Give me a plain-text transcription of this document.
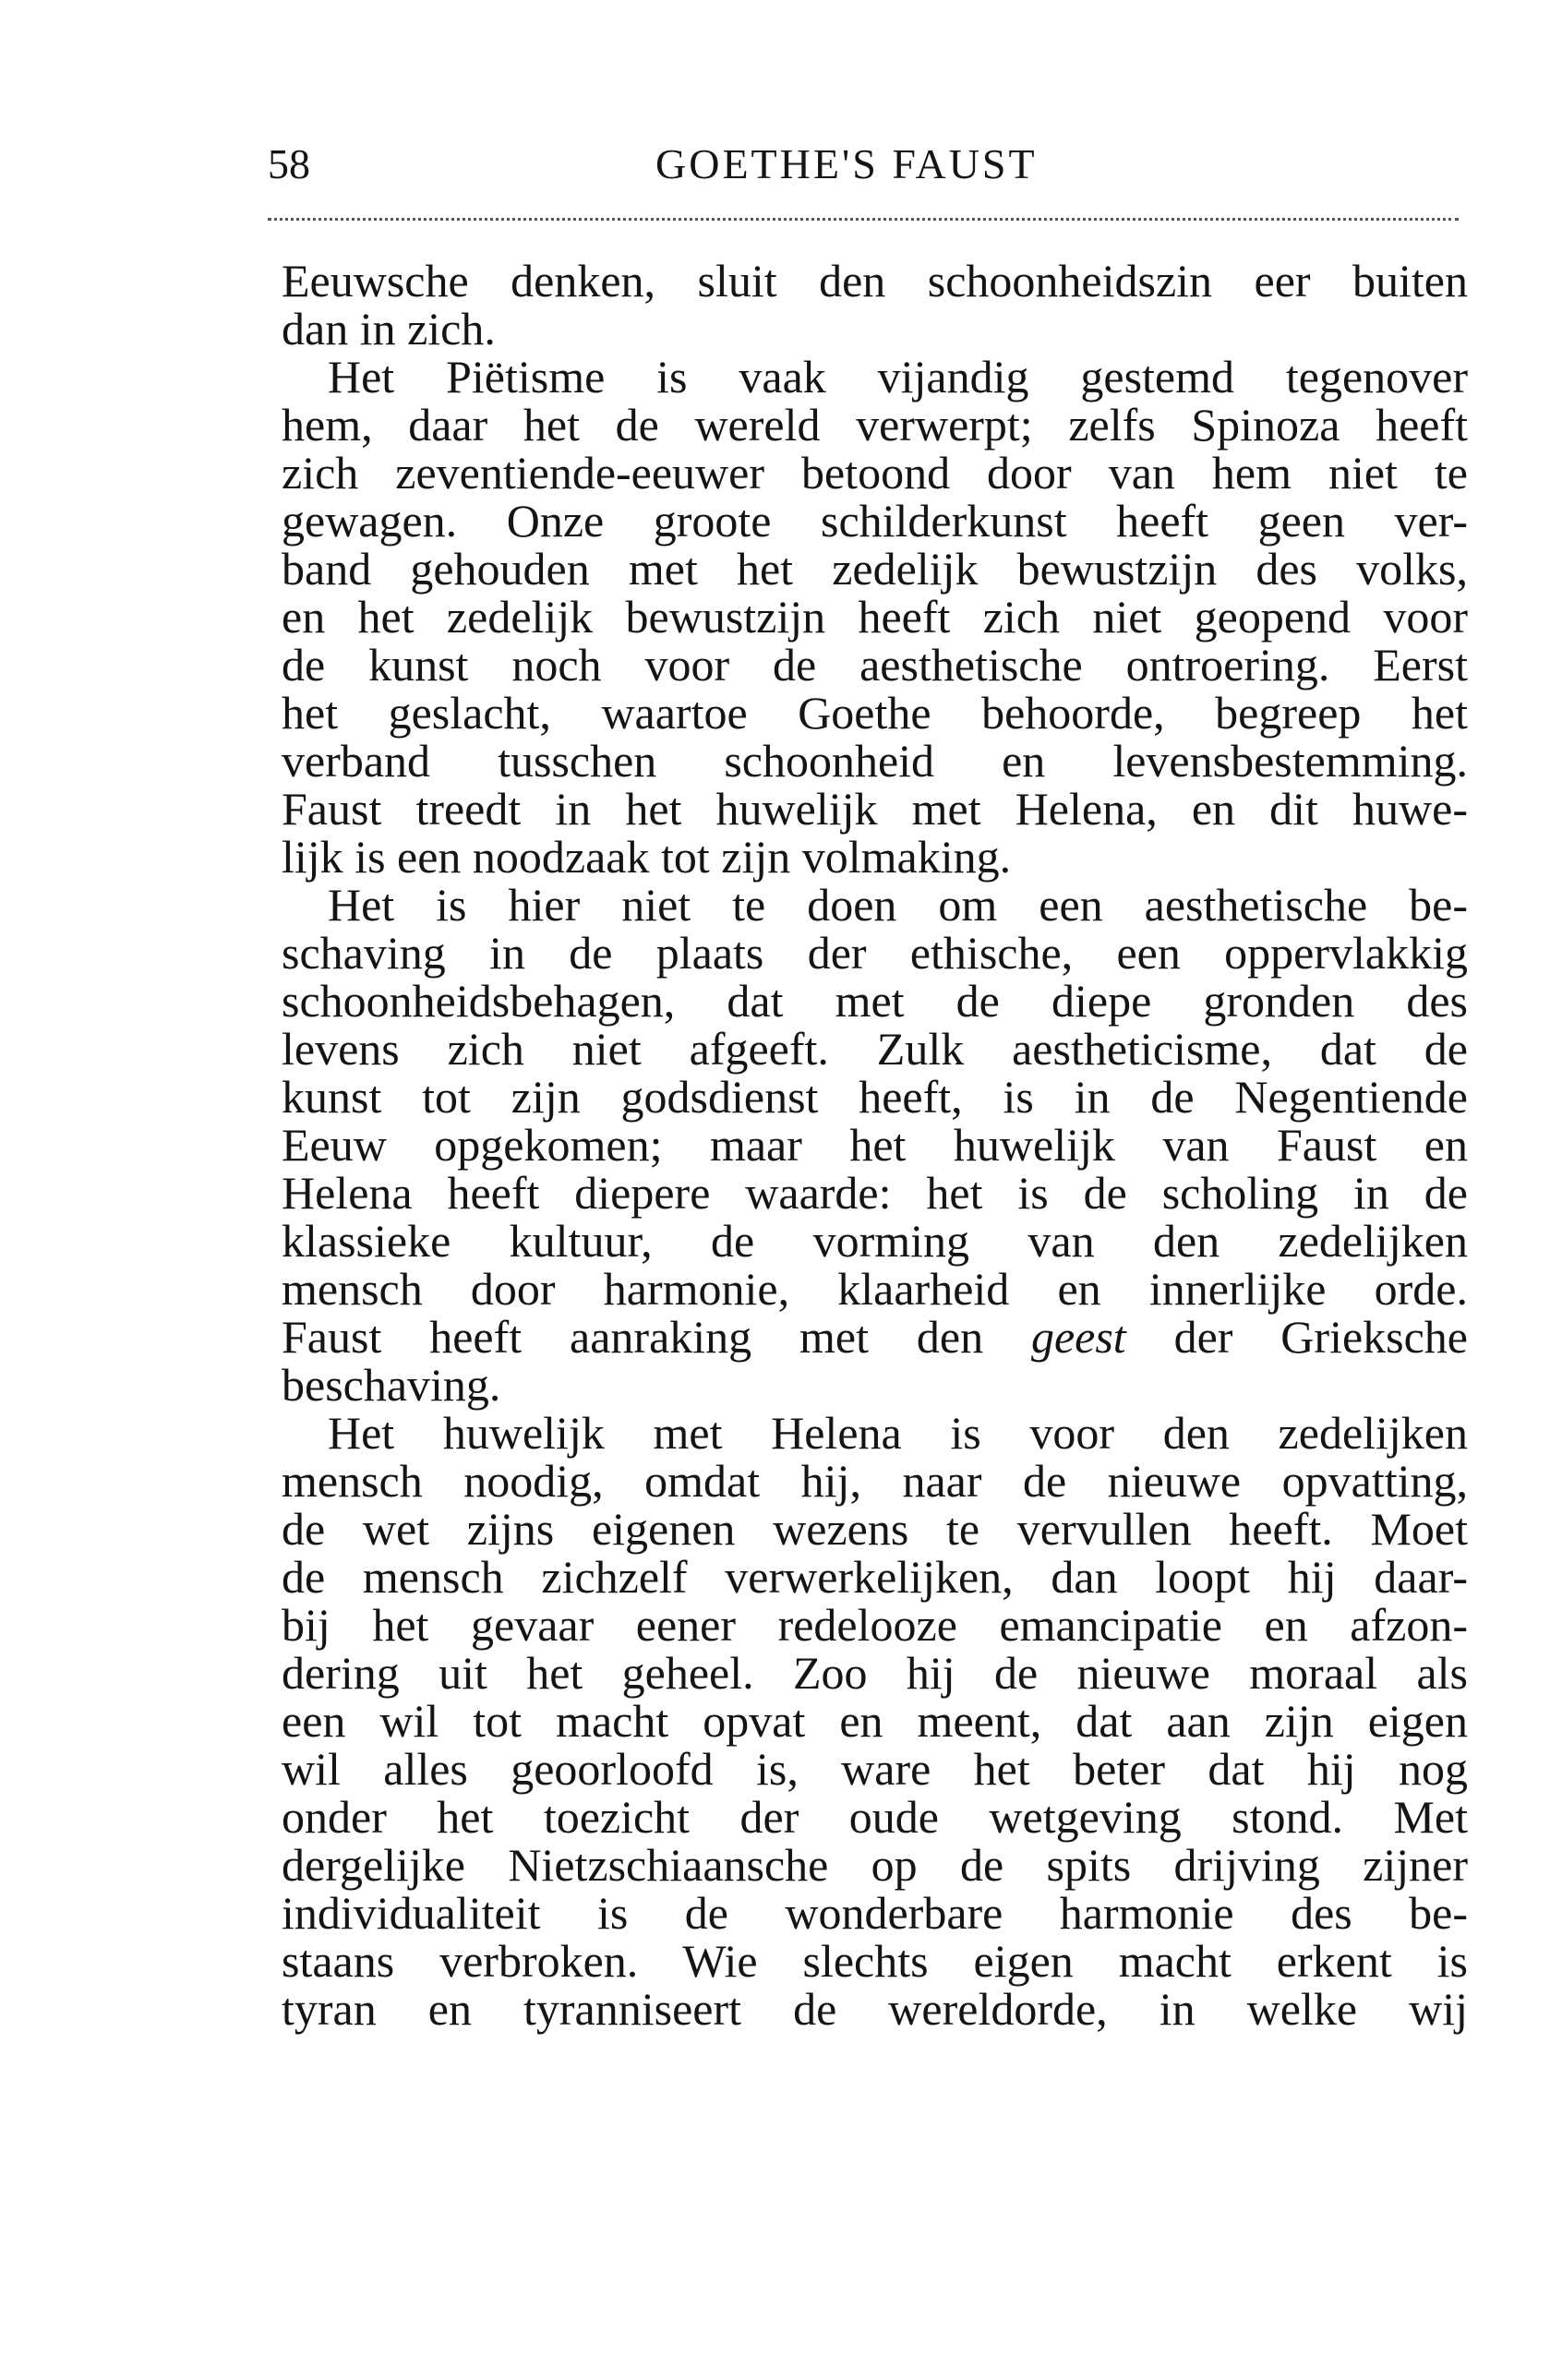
58	GOETHE'S FAUST
Eeuwsche denken, sluit den schoonheidszin eer buiten
dan in zich.
Het Piëtisme is vaak vijandig gestemd tegenover
hem, daar het de wereld verwerpt; zelfs Spinoza heeft
zich zeventiende-eeuwer betoond door van hem niet te
gewagen. Onze groote schilderkunst heeft geen ver-
band gehouden met het zedelijk bewustzijn des volks,
en het zedelijk bewustzijn heeft zich niet geopend voor
de kunst noch voor de aesthetische ontroering. Eerst
het geslacht, waartoe Goethe behoorde, begreep het
verband tusschen schoonheid en levensbestemming.
Faust treedt in het huwelijk met Helena, en dit huwe-
lijk is een noodzaak tot zijn volmaking.
Het is hier niet te doen om een aesthetische be-
schaving in de plaats der ethische, een oppervlakkig
schoonheidsbehagen, dat met de diepe gronden des
levens zich niet afgeeft. Zulk aestheticisme, dat de
kunst tot zijn godsdienst heeft, is in de Negentiende
Eeuw opgekomen; maar het huwelijk van Faust en
Helena heeft diepere waarde: het is de scholing in de
klassieke kultuur, de vorming van den zedelijken
mensch door harmonie, klaarheid en innerlijke orde.
Faust heeft aanraking met den geest der Grieksche
beschaving.
Het huwelijk met Helena is voor den zedelijken
mensch noodig, omdat hij, naar de nieuwe opvatting,
de wet zijns eigenen wezens te vervullen heeft. Moet
de mensch zichzelf verwerkelijken, dan loopt hij daar-
bij het gevaar eener redelooze emancipatie en afzon-
dering uit het geheel. Zoo hij de nieuwe moraal als
een wil tot macht opvat en meent, dat aan zijn eigen
wil alles geoorloofd is, ware het beter dat hij nog
onder het toezicht der oude wetgeving stond. Met
dergelijke Nietzschiaansche op de spits drijving zijner
individualiteit is de wonderbare harmonie des be-
staans verbroken. Wie slechts eigen macht erkent is
tyran en tyranniseert de wereldorde, in welke wij
